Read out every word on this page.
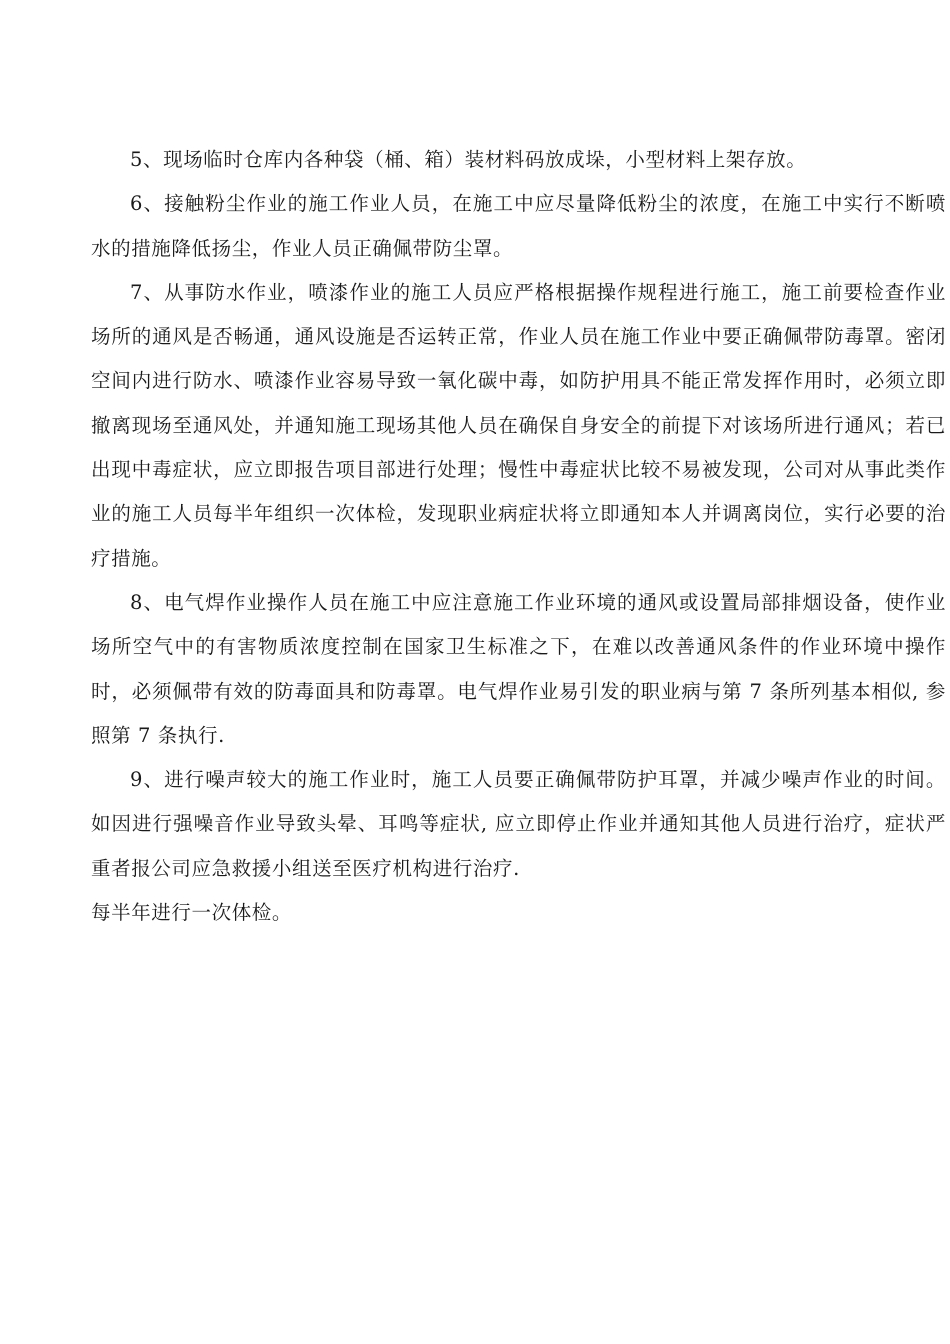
5、现场临时仓库内各种袋（桶、箱）装材料码放成垛，小型材料上架存放。

6、接触粉尘作业的施工作业人员，在施工中应尽量降低粉尘的浓度，在施工中实行不断喷水的措施降低扬尘，作业人员正确佩带防尘罩。

7、从事防水作业，喷漆作业的施工人员应严格根据操作规程进行施工，施工前要检查作业场所的通风是否畅通，通风设施是否运转正常，作业人员在施工作业中要正确佩带防毒罩。密闭空间内进行防水、喷漆作业容易导致一氧化碳中毒，如防护用具不能正常发挥作用时，必须立即撤离现场至通风处，并通知施工现场其他人员在确保自身安全的前提下对该场所进行通风；若已出现中毒症状，应立即报告项目部进行处理；慢性中毒症状比较不易被发现，公司对从事此类作业的施工人员每半年组织一次体检，发现职业病症状将立即通知本人并调离岗位，实行必要的治疗措施。

8、电气焊作业操作人员在施工中应注意施工作业环境的通风或设置局部排烟设备，使作业场所空气中的有害物质浓度控制在国家卫生标准之下，在难以改善通风条件的作业环境中操作时，必须佩带有效的防毒面具和防毒罩。电气焊作业易引发的职业病与第 7 条所列基本相似, 参照第 7 条执行.

9、进行噪声较大的施工作业时，施工人员要正确佩带防护耳罩，并减少噪声作业的时间。如因进行强噪音作业导致头晕、耳鸣等症状, 应立即停止作业并通知其他人员进行治疗，症状严重者报公司应急救援小组送至医疗机构进行治疗.

每半年进行一次体检。
